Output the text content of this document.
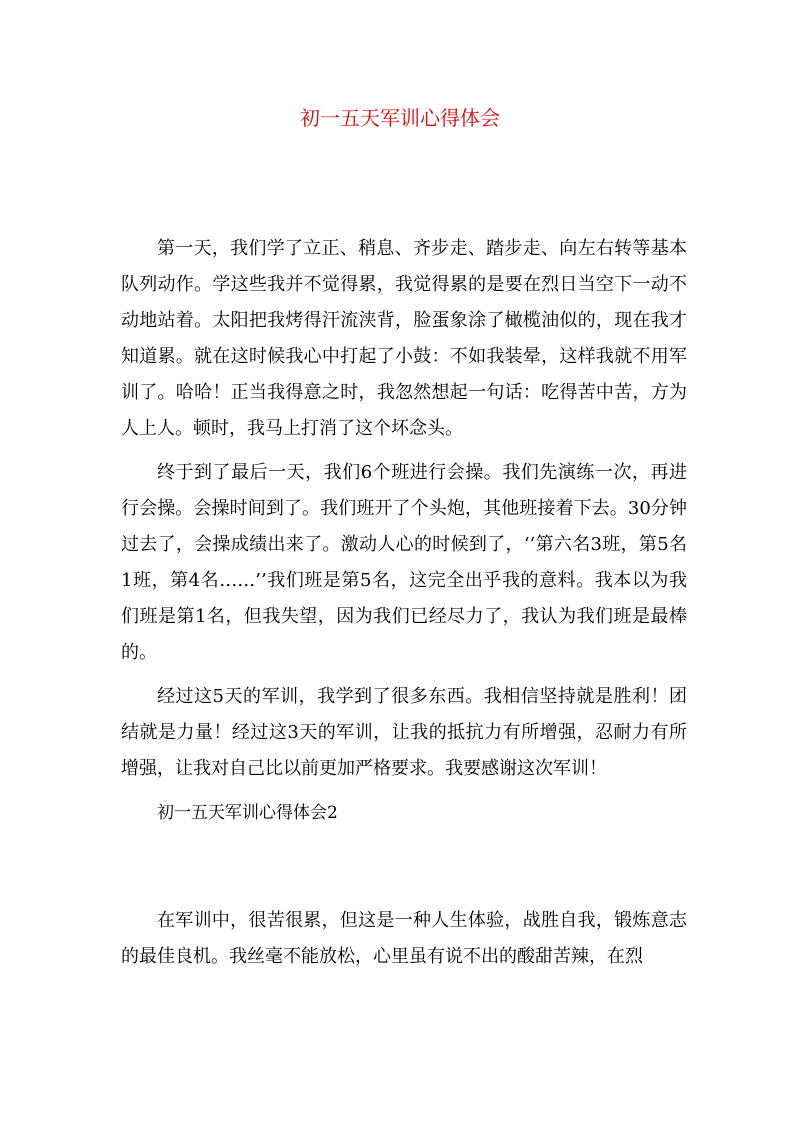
初一五天军训心得体会

第一天，我们学了立正、稍息、齐步走、踏步走、向左右转等基本队列动作。学这些我并不觉得累，我觉得累的是要在烈日当空下一动不动地站着。太阳把我烤得汗流浃背，脸蛋象涂了橄榄油似的，现在我才知道累。就在这时候我心中打起了小鼓：不如我装晕，这样我就不用军训了。哈哈！正当我得意之时，我忽然想起一句话：吃得苦中苦，方为人上人。顿时，我马上打消了这个坏念头。

终于到了最后一天，我们6个班进行会操。我们先演练一次，再进行会操。会操时间到了。我们班开了个头炮，其他班接着下去。30分钟过去了，会操成绩出来了。激动人心的时候到了，‘‘第六名3班，第5名1班，第4名……’’我们班是第5名，这完全出乎我的意料。我本以为我们班是第1名，但我失望，因为我们已经尽力了，我认为我们班是最棒的。

经过这5天的军训，我学到了很多东西。我相信坚持就是胜利！团结就是力量！经过这3天的军训，让我的抵抗力有所增强，忍耐力有所增强，让我对自己比以前更加严格要求。我要感谢这次军训！

初一五天军训心得体会2

在军训中，很苦很累，但这是一种人生体验，战胜自我，锻炼意志的最佳良机。我丝毫不能放松，心里虽有说不出的酸甜苦辣，在烈
